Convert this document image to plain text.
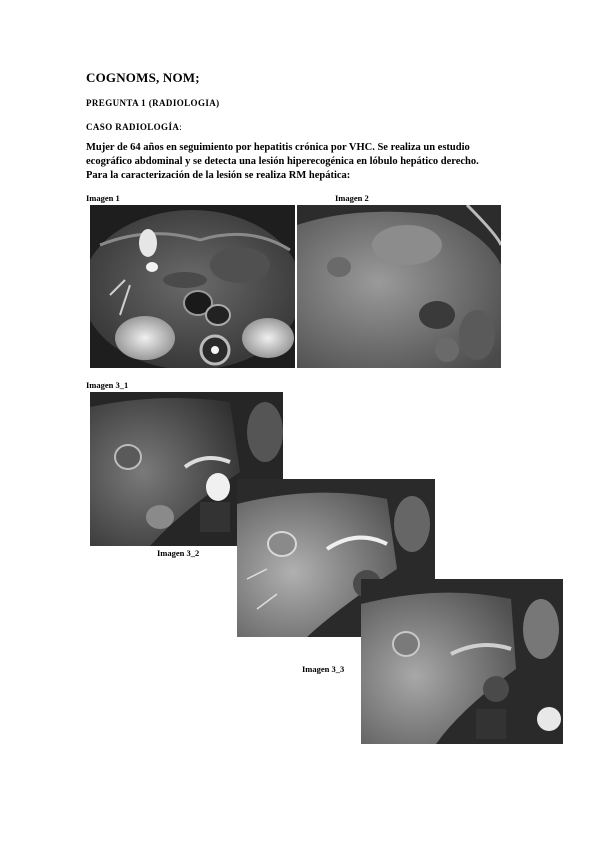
COGNOMS, NOM;
PREGUNTA 1 (RADIOLOGIA)
CASO RADIOLOGÍA:
Mujer de 64 años en seguimiento por hepatitis crónica por VHC. Se realiza un estudio
ecográfico abdominal y se detecta una lesión hiperecogénica en lóbulo hepático derecho.
Para la caracterización de la lesión se realiza RM hepática:
Imagen 1	Imagen 2
Imagen 3_1
Imagen 3_2
Imagen 3_3
